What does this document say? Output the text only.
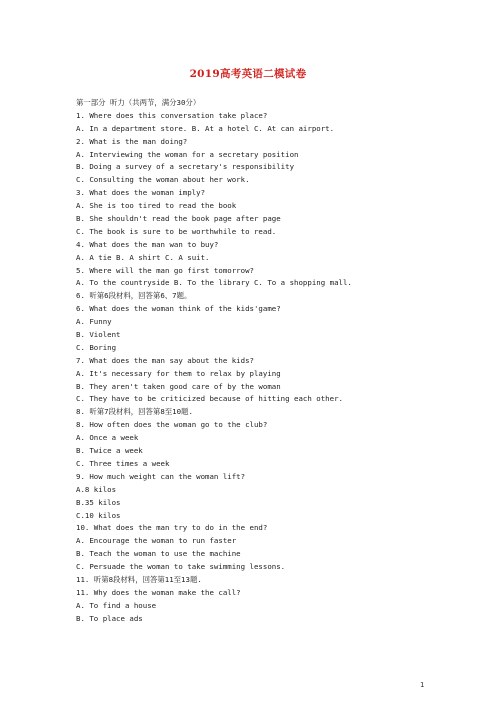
2019高考英语二模试卷
第一部分 听力（共两节，满分30分）
1. Where does this conversation take place?
A. In a department store. B. At a hotel C. At can airport.
2. What is the man doing?
A. Interviewing the woman for a secretary position
B. Doing a survey of a secretary's responsibility
C. Consulting the woman about her work.
3. What does the woman imply?
A. She is too tired to read the book
B. She shouldn't read the book page after page
C. The book is sure to be worthwhile to read.
4. What does the man wan to buy?
A. A tie B. A shirt C. A suit.
5. Where will the man go first tomorrow?
A. To the countryside B. To the library C. To a shopping mall.
6. 听第6段材料，回答第6、7题。
6. What does the woman think of the kids'game?
A. Funny
B. Violent
C. Boring
7. What does the man say about the kids?
A. It's necessary for them to relax by playing
B. They aren't taken good care of by the woman
C. They have to be criticized because of hitting each other.
8. 听第7段材料，回答第8至10题.
8. How often does the woman go to the club?
A. Once a week
B. Twice a week
C. Three times a week
9. How much weight can the woman lift?
A.8 kilos
B.35 kilos
C.10 kilos
10. What does the man try to do in the end?
A. Encourage the woman to run faster
B. Teach the woman to use the machine
C. Persuade the woman to take swimming lessons.
11. 听第8段材料，回答第11至13题.
11. Why does the woman make the call?
A. To find a house
B. To place ads
1
